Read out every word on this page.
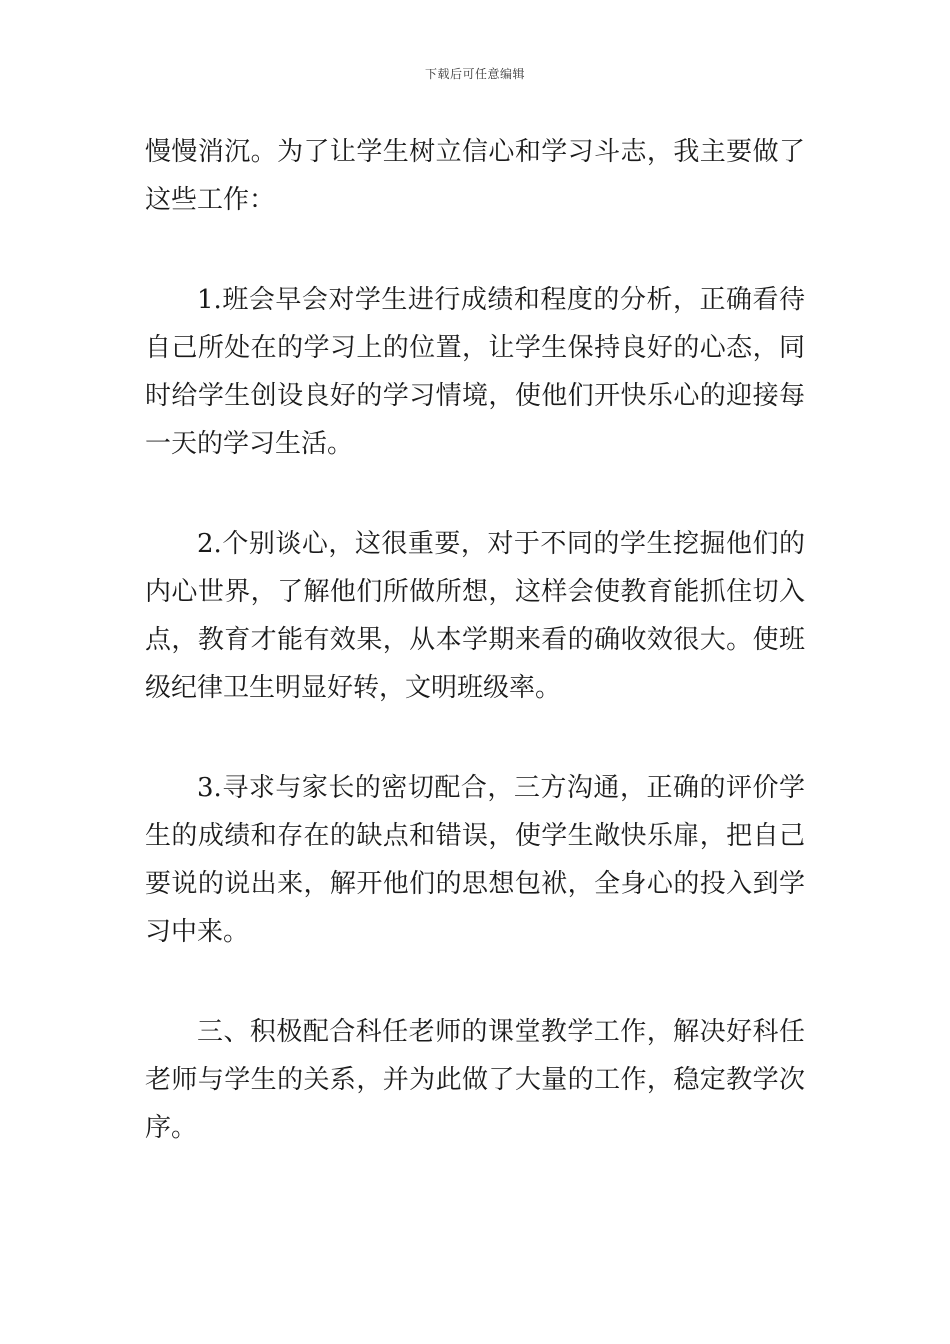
下载后可任意编辑

慢慢消沉。为了让学生树立信心和学习斗志，我主要做了这些工作：

1.班会早会对学生进行成绩和程度的分析，正确看待自己所处在的学习上的位置，让学生保持良好的心态，同时给学生创设良好的学习情境，使他们开快乐心的迎接每一天的学习生活。

2.个别谈心，这很重要，对于不同的学生挖掘他们的内心世界，了解他们所做所想，这样会使教育能抓住切入点，教育才能有效果，从本学期来看的确收效很大。使班级纪律卫生明显好转，文明班级率。

3.寻求与家长的密切配合，三方沟通，正确的评价学生的成绩和存在的缺点和错误，使学生敞快乐扉，把自己要说的说出来，解开他们的思想包袱，全身心的投入到学习中来。

三、积极配合科任老师的课堂教学工作，解决好科任老师与学生的关系，并为此做了大量的工作，稳定教学次序。
